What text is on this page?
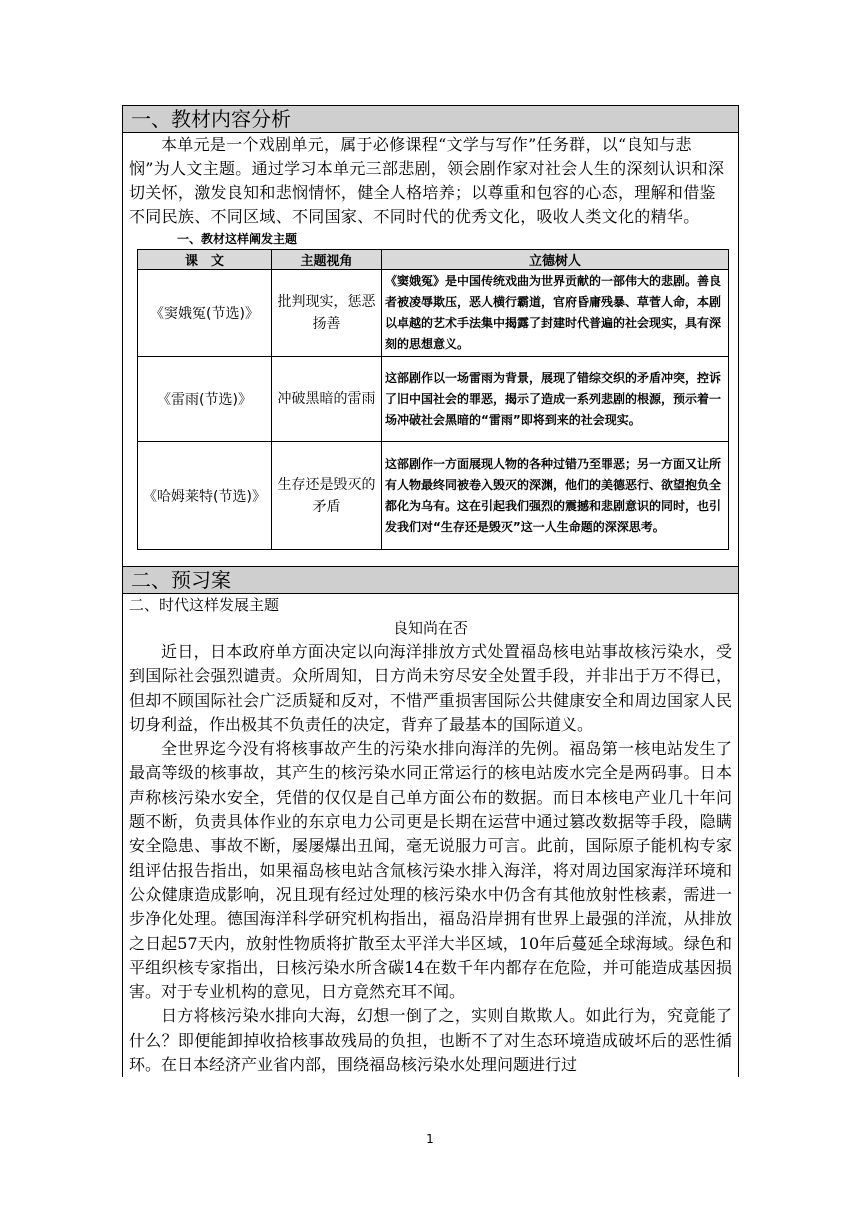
一、教材内容分析

本单元是一个戏剧单元，属于必修课程“文学与写作”任务群，以“良知与悲悯”为人文主题。通过学习本单元三部悲剧，领会剧作家对社会人生的深刻认识和深切关怀，激发良知和悲悯情怀，健全人格培养；以尊重和包容的心态，理解和借鉴不同民族、不同区域、不同国家、不同时代的优秀文化，吸收人类文化的精华。

一、教材这样阐发主题
课　文	主题视角	立德树人
《窦娥冤(节选)》	批判现实，惩恶扬善	《窦娥冤》是中国传统戏曲为世界贡献的一部伟大的悲剧。善良者被凌辱欺压，恶人横行霸道，官府昏庸残暴、草菅人命，本剧以卓越的艺术手法集中揭露了封建时代普遍的社会现实，具有深刻的思想意义。
《雷雨(节选)》	冲破黑暗的雷雨	这部剧作以一场雷雨为背景，展现了错综交织的矛盾冲突，控诉了旧中国社会的罪恶，揭示了造成一系列悲剧的根源，预示着一场冲破社会黑暗的“雷雨”即将到来的社会现实。
《哈姆莱特(节选)》	生存还是毁灭的矛盾	这部剧作一方面展现人物的各种过错乃至罪恶；另一方面又让所有人物最终同被卷入毁灭的深渊，他们的美德恶行、欲望抱负全都化为乌有。这在引起我们强烈的震撼和悲剧意识的同时，也引发我们对“生存还是毁灭”这一人生命题的深深思考。
二、预习案

二、时代这样发展主题

良知尚在否

近日，日本政府单方面决定以向海洋排放方式处置福岛核电站事故核污染水，受到国际社会强烈谴责。众所周知，日方尚未穷尽安全处置手段，并非出于万不得已，但却不顾国际社会广泛质疑和反对，不惜严重损害国际公共健康安全和周边国家人民切身利益，作出极其不负责任的决定，背弃了最基本的国际道义。

全世界迄今没有将核事故产生的污染水排向海洋的先例。福岛第一核电站发生了最高等级的核事故，其产生的核污染水同正常运行的核电站废水完全是两码事。日本声称核污染水安全，凭借的仅仅是自己单方面公布的数据。而日本核电产业几十年问题不断，负责具体作业的东京电力公司更是长期在运营中通过篡改数据等手段，隐瞒安全隐患、事故不断，屡屡爆出丑闻，毫无说服力可言。此前，国际原子能机构专家组评估报告指出，如果福岛核电站含氚核污染水排入海洋，将对周边国家海洋环境和公众健康造成影响，况且现有经过处理的核污染水中仍含有其他放射性核素，需进一步净化处理。德国海洋科学研究机构指出，福岛沿岸拥有世界上最强的洋流，从排放之日起57天内，放射性物质将扩散至太平洋大半区域，10年后蔓延全球海域。绿色和平组织核专家指出，日核污染水所含碳14在数千年内都存在危险，并可能造成基因损害。对于专业机构的意见，日方竟然充耳不闻。

日方将核污染水排向大海，幻想一倒了之，实则自欺欺人。如此行为，究竟能了什么？即便能卸掉收拾核事故残局的负担，也断不了对生态环境造成破坏后的恶性循环。在日本经济产业省内部，围绕福岛核污染水处理问题进行过

1
